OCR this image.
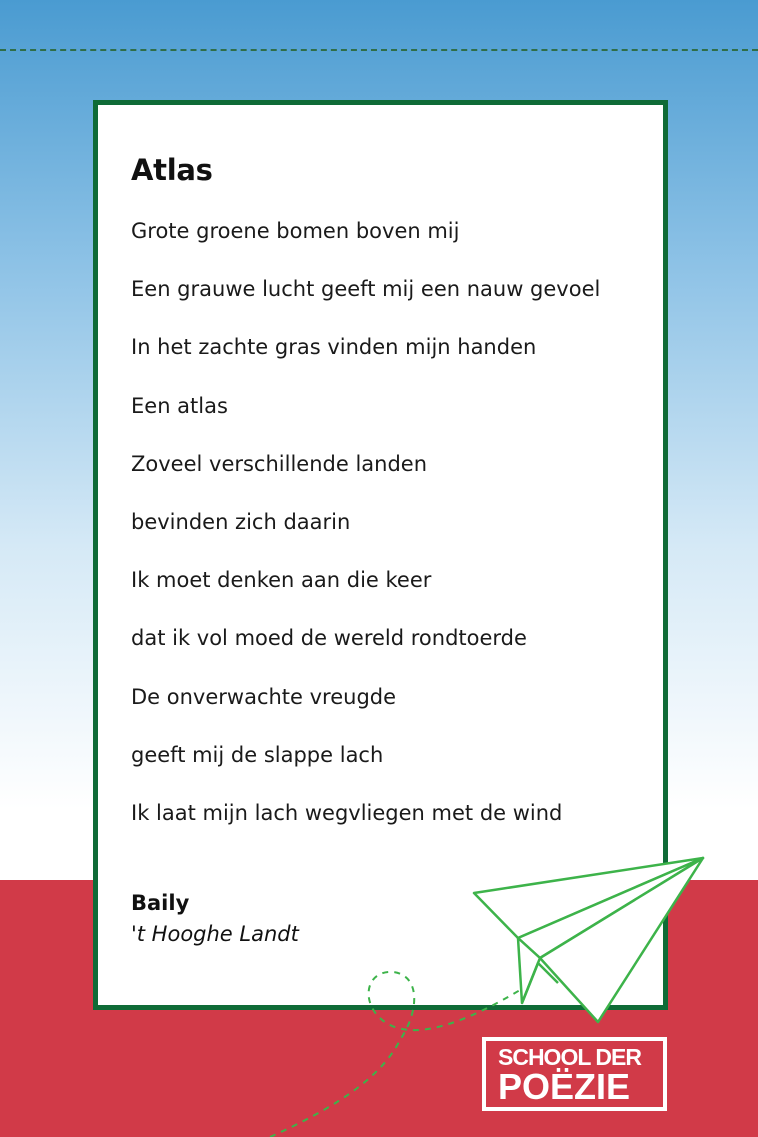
Atlas
Grote groene bomen boven mij
Een grauwe lucht geeft mij een nauw gevoel
In het zachte gras vinden mijn handen
Een atlas
Zoveel verschillende landen
bevinden zich daarin
Ik moet denken aan die keer
dat ik vol moed de wereld rondtoerde
De onverwachte vreugde
geeft mij de slappe lach
Ik laat mijn lach wegvliegen met de wind
Baily
't Hooghe Landt
SCHOOL DER
POËZIE
